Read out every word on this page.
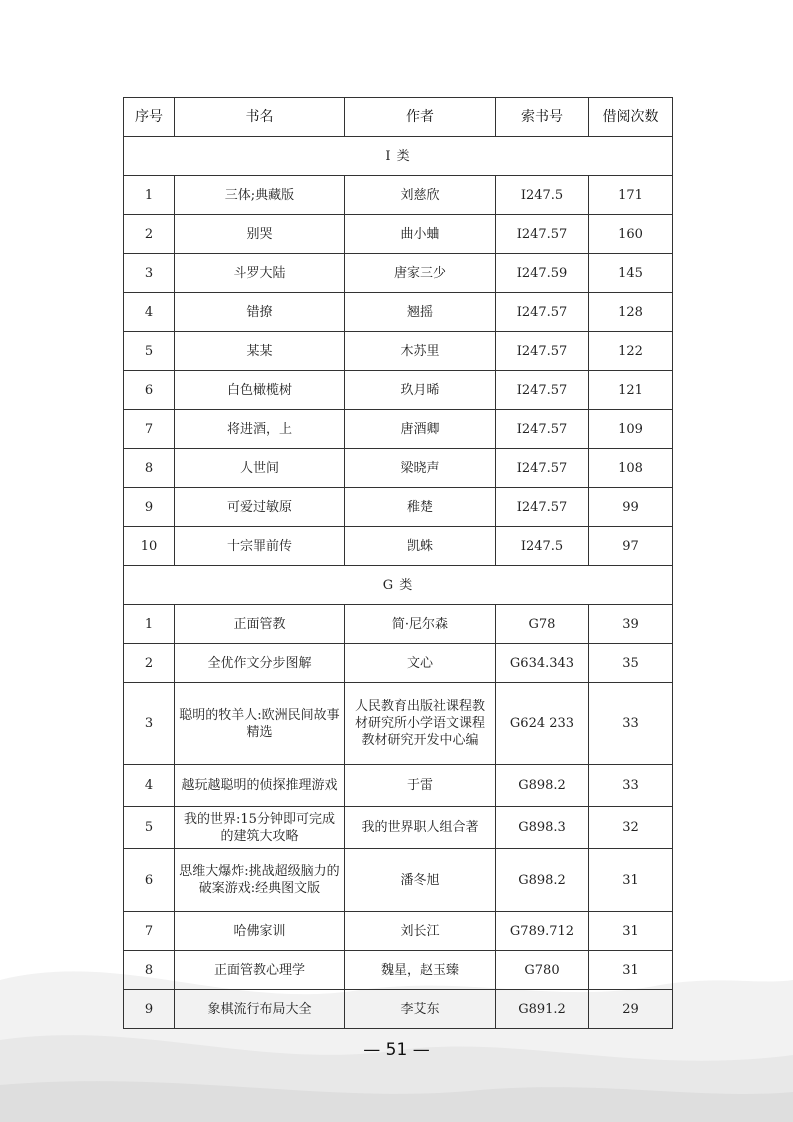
序号	书名	作者	索书号	借阅次数
I 类				
1	三体;典藏版	刘慈欣	I247.5	171
2	别哭	曲小蛐	I247.57	160
3	斗罗大陆	唐家三少	I247.59	145
4	错撩	翘摇	I247.57	128
5	某某	木苏里	I247.57	122
6	白色橄榄树	玖月晞	I247.57	121
7	将进酒，上	唐酒卿	I247.57	109
8	人世间	梁晓声	I247.57	108
9	可爱过敏原	稚楚	I247.57	99
10	十宗罪前传	凯蛛	I247.5	97
G 类				
1	正面管教	简·尼尔森	G78	39
2	全优作文分步图解	文心	G634.343	35
3	聪明的牧羊人:欧洲民间故事精选	人民教育出版社课程教材研究所小学语文课程教材研究开发中心编	G624 233	33
4	越玩越聪明的侦探推理游戏	于雷	G898.2	33
5	我的世界:15分钟即可完成的建筑大攻略	我的世界职人组合著	G898.3	32
6	思维大爆炸:挑战超级脑力的破案游戏:经典图文版	潘冬旭	G898.2	31
7	哈佛家训	刘长江	G789.712	31
8	正面管教心理学	魏星，赵玉臻	G780	31
9	象棋流行布局大全	李艾东	G891.2	29
— 51 —
